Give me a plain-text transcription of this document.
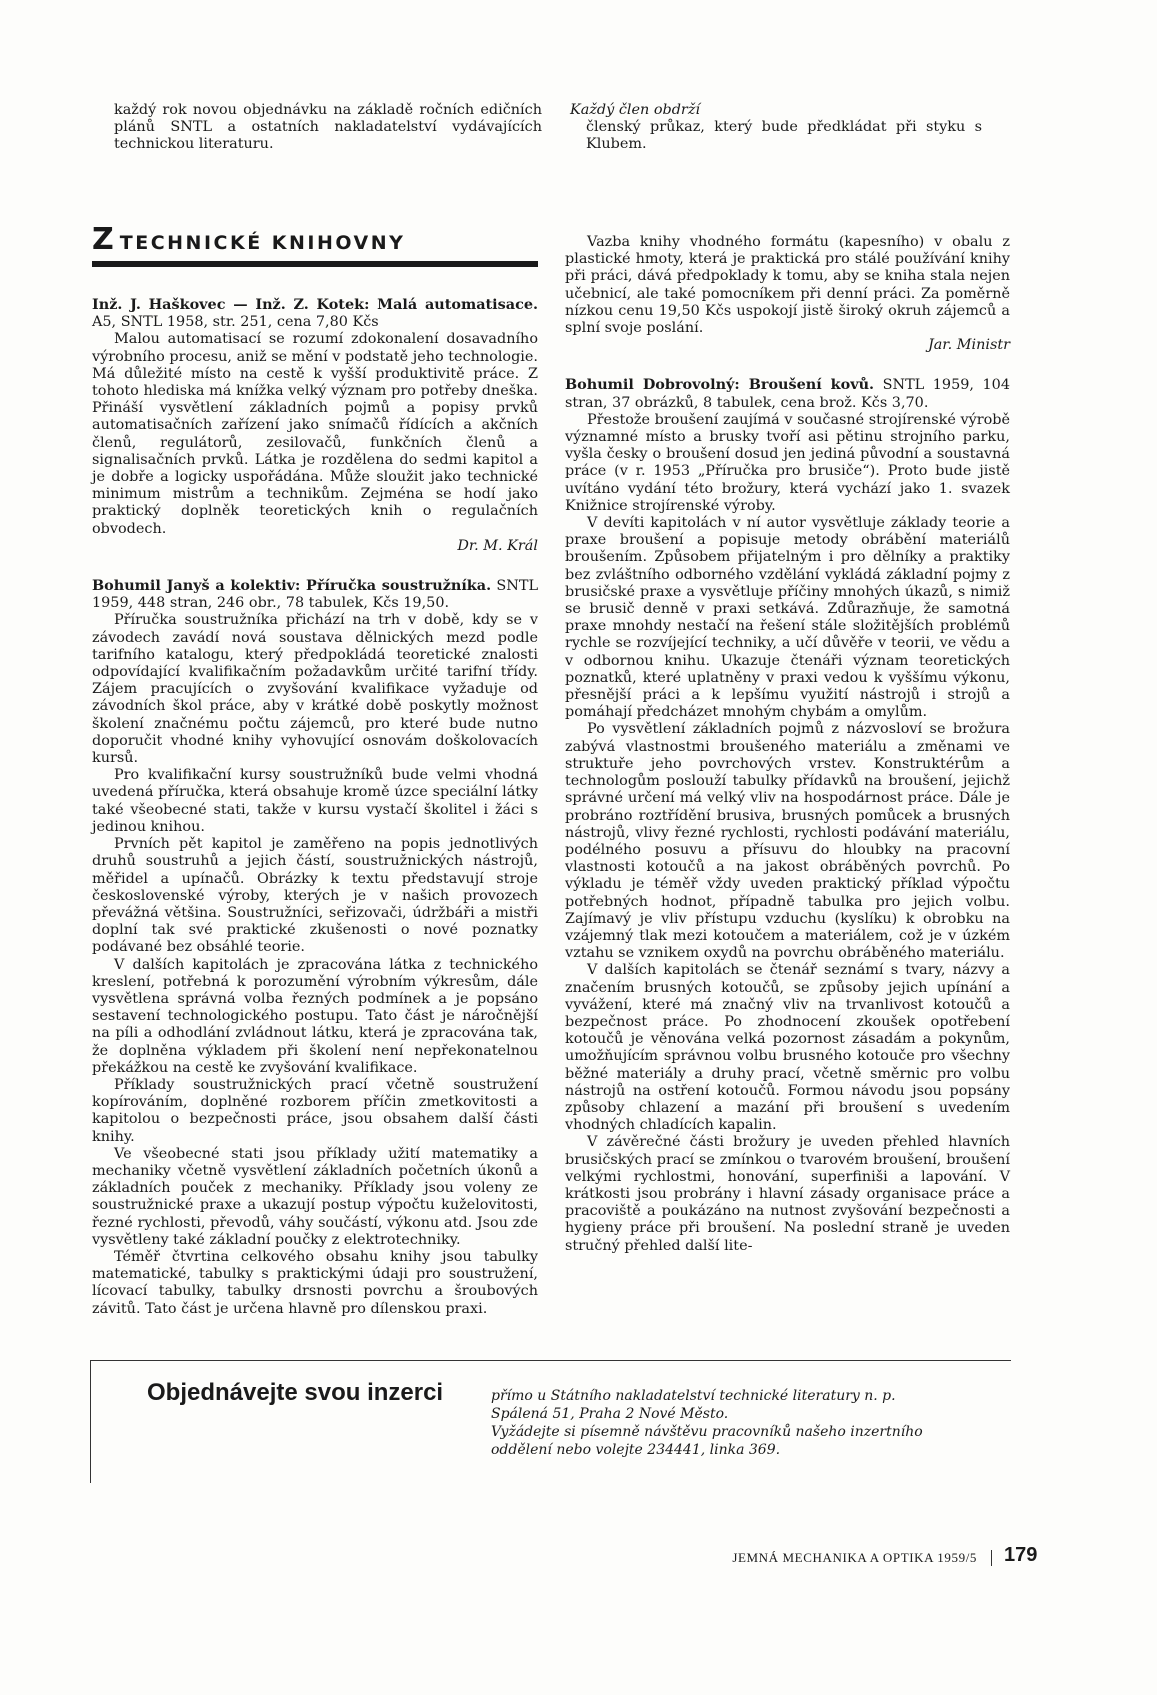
každý rok novou objednávku na základě ročních edičních plánů SNTL a ostatních nakladatelství vydávajících technickou literaturu.

Každý člen obdrží

členský průkaz, který bude předkládat při styku s Klubem.

ZTECHNICKÉ KNIHOVNY

Inž. J. Haškovec — Inž. Z. Kotek: Malá automatisace. A5, SNTL 1958, str. 251, cena 7,80 Kčs

Malou automatisací se rozumí zdokonalení dosavadního výrobního procesu, aniž se mění v podstatě jeho technologie. Má důležité místo na cestě k vyšší produktivitě práce. Z tohoto hlediska má knížka velký význam pro potřeby dneška. Přináší vysvětlení základních pojmů a popisy prvků automatisačních zařízení jako snímačů řídících a akčních členů, regulátorů, zesilovačů, funkčních členů a signalisačních prvků. Látka je rozdělena do sedmi kapitol a je dobře a logicky uspořádána. Může sloužit jako technické minimum mistrům a technikům. Zejména se hodí jako praktický doplněk teoretických knih o regulačních obvodech.

Dr. M. Král

Bohumil Janyš a kolektiv: Příručka soustružníka. SNTL 1959, 448 stran, 246 obr., 78 tabulek, Kčs 19,50.

Příručka soustružníka přichází na trh v době, kdy se v závodech zavádí nová soustava dělnických mezd podle tarifního katalogu, který předpokládá teoretické znalosti odpovídající kvalifikačním požadavkům určité tarifní třídy. Zájem pracujících o zvyšování kvalifikace vyžaduje od závodních škol práce, aby v krátké době poskytly možnost školení značnému počtu zájemců, pro které bude nutno doporučit vhodné knihy vyhovující osnovám doškolovacích kursů.

Pro kvalifikační kursy soustružníků bude velmi vhodná uvedená příručka, která obsahuje kromě úzce speciální látky také všeobecné stati, takže v kursu vystačí školitel i žáci s jedinou knihou.

Prvních pět kapitol je zaměřeno na popis jednotlivých druhů soustruhů a jejich částí, soustružnických nástrojů, měřidel a upínačů. Obrázky k textu představují stroje československé výroby, kterých je v našich provozech převážná většina. Soustružníci, seřizovači, údržbáři a mistři doplní tak své praktické zkušenosti o nové poznatky podávané bez obsáhlé teorie.

V dalších kapitolách je zpracována látka z technického kreslení, potřebná k porozumění výrobním výkresům, dále vysvětlena správná volba řezných podmínek a je popsáno sestavení technologického postupu. Tato část je náročnější na píli a odhodlání zvládnout látku, která je zpracována tak, že doplněna výkladem při školení není nepřekonatelnou překážkou na cestě ke zvyšování kvalifikace.

Příklady soustružnických prací včetně soustružení kopírováním, doplněné rozborem příčin zmetkovitosti a kapitolou o bezpečnosti práce, jsou obsahem další části knihy.

Ve všeobecné stati jsou příklady užití matematiky a mechaniky včetně vysvětlení základních početních úkonů a základních pouček z mechaniky. Příklady jsou voleny ze soustružnické praxe a ukazují postup výpočtu kuželovitosti, řezné rychlosti, převodů, váhy součástí, výkonu atd. Jsou zde vysvětleny také základní poučky z elektrotechniky.

Téměř čtvrtina celkového obsahu knihy jsou tabulky matematické, tabulky s praktickými údaji pro soustružení, lícovací tabulky, tabulky drsnosti povrchu a šroubových závitů. Tato část je určena hlavně pro dílenskou praxi.

Vazba knihy vhodného formátu (kapesního) v obalu z plastické hmoty, která je praktická pro stálé používání knihy při práci, dává předpoklady k tomu, aby se kniha stala nejen učebnicí, ale také pomocníkem při denní práci. Za poměrně nízkou cenu 19,50 Kčs uspokojí jistě široký okruh zájemců a splní svoje poslání.

Jar. Ministr

Bohumil Dobrovolný: Broušení kovů. SNTL 1959, 104 stran, 37 obrázků, 8 tabulek, cena brož. Kčs 3,70.

Přestože broušení zaujímá v současné strojírenské výrobě významné místo a brusky tvoří asi pětinu strojního parku, vyšla česky o broušení dosud jen jediná původní a soustavná práce (v r. 1953 „Příručka pro brusiče“). Proto bude jistě uvítáno vydání této brožury, která vychází jako 1. svazek Knižnice strojírenské výroby.

V devíti kapitolách v ní autor vysvětluje základy teorie a praxe broušení a popisuje metody obrábění materiálů broušením. Způsobem přijatelným i pro dělníky a praktiky bez zvláštního odborného vzdělání vykládá základní pojmy z brusičské praxe a vysvětluje příčiny mnohých úkazů, s nimiž se brusič denně v praxi setkává. Zdůrazňuje, že samotná praxe mnohdy nestačí na řešení stále složitějších problémů rychle se rozvíjející techniky, a učí důvěře v teorii, ve vědu a v odbornou knihu. Ukazuje čtenáři význam teoretických poznatků, které uplatněny v praxi vedou k vyššímu výkonu, přesnější práci a k lepšímu využití nástrojů i strojů a pomáhají předcházet mnohým chybám a omylům.

Po vysvětlení základních pojmů z názvosloví se brožura zabývá vlastnostmi broušeného materiálu a změnami ve struktuře jeho povrchových vrstev. Konstruktérům a technologům poslouží tabulky přídavků na broušení, jejichž správné určení má velký vliv na hospodárnost práce. Dále je probráno roztřídění brusiva, brusných pomůcek a brusných nástrojů, vlivy řezné rychlosti, rychlosti podávání materiálu, podélného posuvu a přísuvu do hloubky na pracovní vlastnosti kotoučů a na jakost obráběných povrchů. Po výkladu je téměř vždy uveden praktický příklad výpočtu potřebných hodnot, případně tabulka pro jejich volbu. Zajímavý je vliv přístupu vzduchu (kyslíku) k obrobku na vzájemný tlak mezi kotoučem a materiálem, což je v úzkém vztahu se vznikem oxydů na povrchu obráběného materiálu.

V dalších kapitolách se čtenář seznámí s tvary, názvy a značením brusných kotoučů, se způsoby jejich upínání a vyvážení, které má značný vliv na trvanlivost kotoučů a bezpečnost práce. Po zhodnocení zkoušek opotřebení kotoučů je věnována velká pozornost zásadám a pokynům, umožňujícím správnou volbu brusného kotouče pro všechny běžné materiály a druhy prací, včetně směrnic pro volbu nástrojů na ostření kotoučů. Formou návodu jsou popsány způsoby chlazení a mazání při broušení s uvedením vhodných chladících kapalin.

V závěrečné části brožury je uveden přehled hlavních brusičských prací se zmínkou o tvarovém broušení, broušení velkými rychlostmi, honování, superfiniši a lapování. V krátkosti jsou probrány i hlavní zásady organisace práce a pracoviště a poukázáno na nutnost zvyšování bezpečnosti a hygieny práce při broušení. Na poslední straně je uveden stručný přehled další lite-

Objednávejte svou inzerci	přímo u Státního nakladatelství technické literatury n. p. Spálená 51, Praha 2 Nové Město.
Vyžádejte si písemně návštěvu pracovníků našeho inzertního oddělení nebo volejte 234441, linka 369.
JEMNÁ MECHANIKA A OPTIKA 1959/5	179
